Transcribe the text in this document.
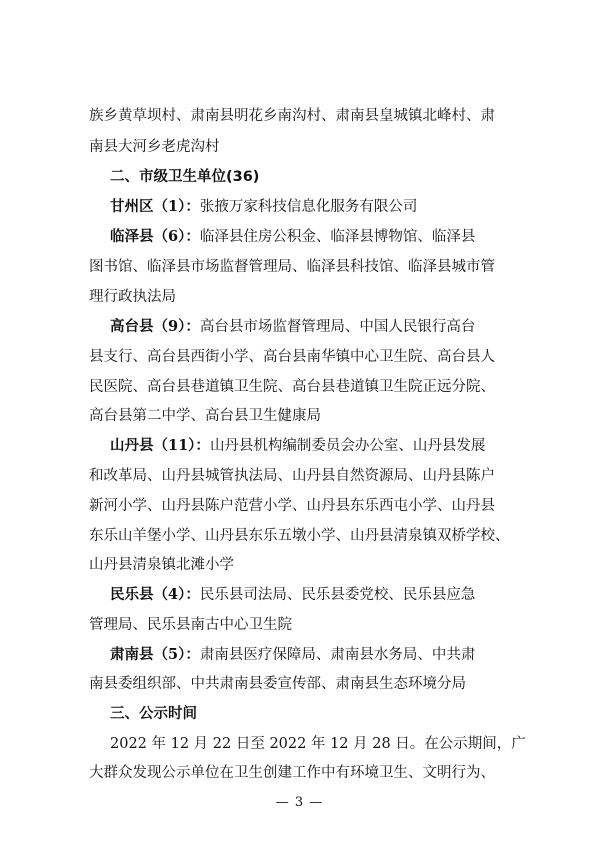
族乡黄草坝村、肃南县明花乡南沟村、肃南县皇城镇北峰村、肃
南县大河乡老虎沟村
二、市级卫生单位(36)
甘州区（1）：张掖万家科技信息化服务有限公司
临泽县（6）：临泽县住房公积金、临泽县博物馆、临泽县
图书馆、临泽县市场监督管理局、临泽县科技馆、临泽县城市管
理行政执法局
高台县（9）：高台县市场监督管理局、中国人民银行高台
县支行、高台县西街小学、高台县南华镇中心卫生院、高台县人
民医院、高台县巷道镇卫生院、高台县巷道镇卫生院正远分院、
高台县第二中学、高台县卫生健康局
山丹县（11）：山丹县机构编制委员会办公室、山丹县发展
和改革局、山丹县城管执法局、山丹县自然资源局、山丹县陈户
新河小学、山丹县陈户范营小学、山丹县东乐西屯小学、山丹县
东乐山羊堡小学、山丹县东乐五墩小学、山丹县清泉镇双桥学校、
山丹县清泉镇北滩小学
民乐县（4）：民乐县司法局、民乐县委党校、民乐县应急
管理局、民乐县南古中心卫生院
肃南县（5）：肃南县医疗保障局、肃南县水务局、中共肃
南县委组织部、中共肃南县委宣传部、肃南县生态环境分局
三、公示时间
2022 年 12 月 22 日至 2022 年 12 月 28 日。在公示期间，广
大群众发现公示单位在卫生创建工作中有环境卫生、文明行为、
— 3 —
